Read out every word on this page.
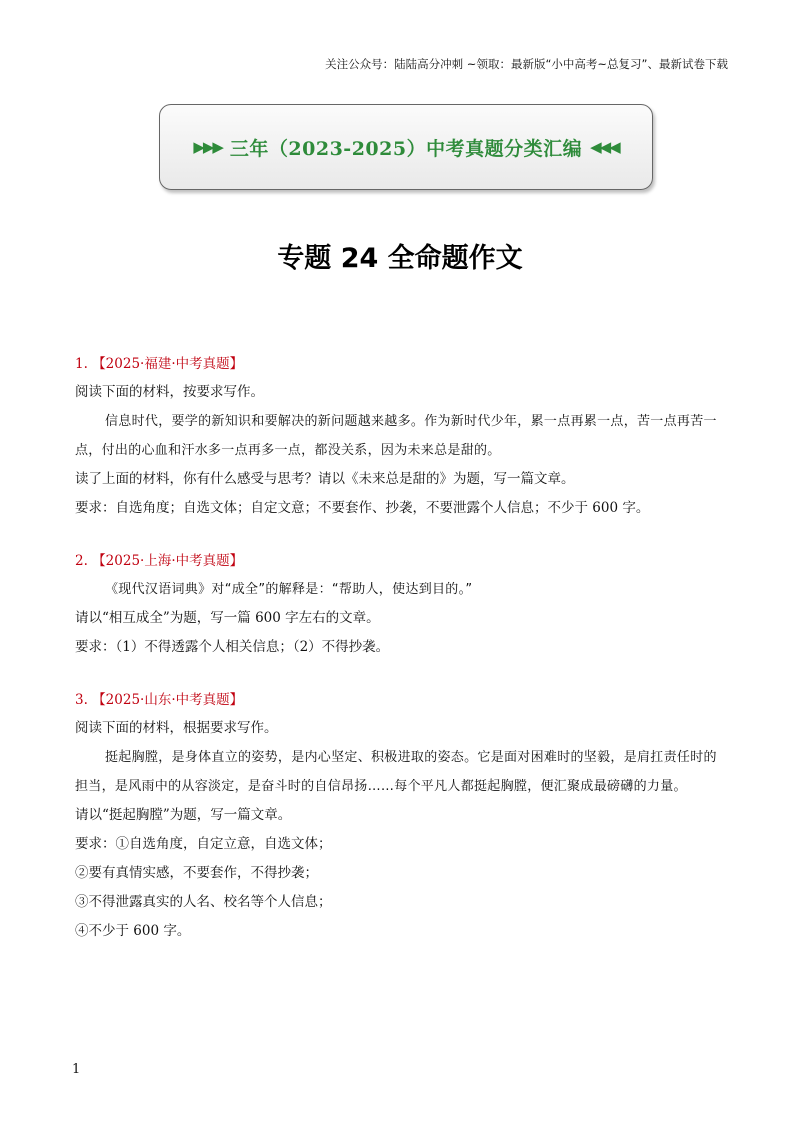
关注公众号：陆陆高分冲刺 ~领取：最新版“小中高考~总复习”、最新试卷下载
▶▶▶ 三年（2023-2025）中考真题分类汇编 ◀◀◀
专题 24 全命题作文
1. 【2025·福建·中考真题】
阅读下面的材料，按要求写作。
信息时代，要学的新知识和要解决的新问题越来越多。作为新时代少年，累一点再累一点，苦一点再苦一点，付出的心血和汗水多一点再多一点，都没关系，因为未来总是甜的。
读了上面的材料，你有什么感受与思考？请以《未来总是甜的》为题，写一篇文章。
要求：自选角度；自选文体；自定文意；不要套作、抄袭，不要泄露个人信息；不少于 600 字。
2. 【2025·上海·中考真题】
《现代汉语词典》对“成全”的解释是：“帮助人，使达到目的。”
请以“相互成全”为题，写一篇 600 字左右的文章。
要求：（1）不得透露个人相关信息；（2）不得抄袭。
3. 【2025·山东·中考真题】
阅读下面的材料，根据要求写作。
挺起胸膛，是身体直立的姿势，是内心坚定、积极进取的姿态。它是面对困难时的坚毅，是肩扛责任时的担当，是风雨中的从容淡定，是奋斗时的自信昂扬……每个平凡人都挺起胸膛，便汇聚成最磅礴的力量。
请以“挺起胸膛”为题，写一篇文章。
要求：①自选角度，自定立意，自选文体；
②要有真情实感，不要套作，不得抄袭；
③不得泄露真实的人名、校名等个人信息；
④不少于 600 字。
1
